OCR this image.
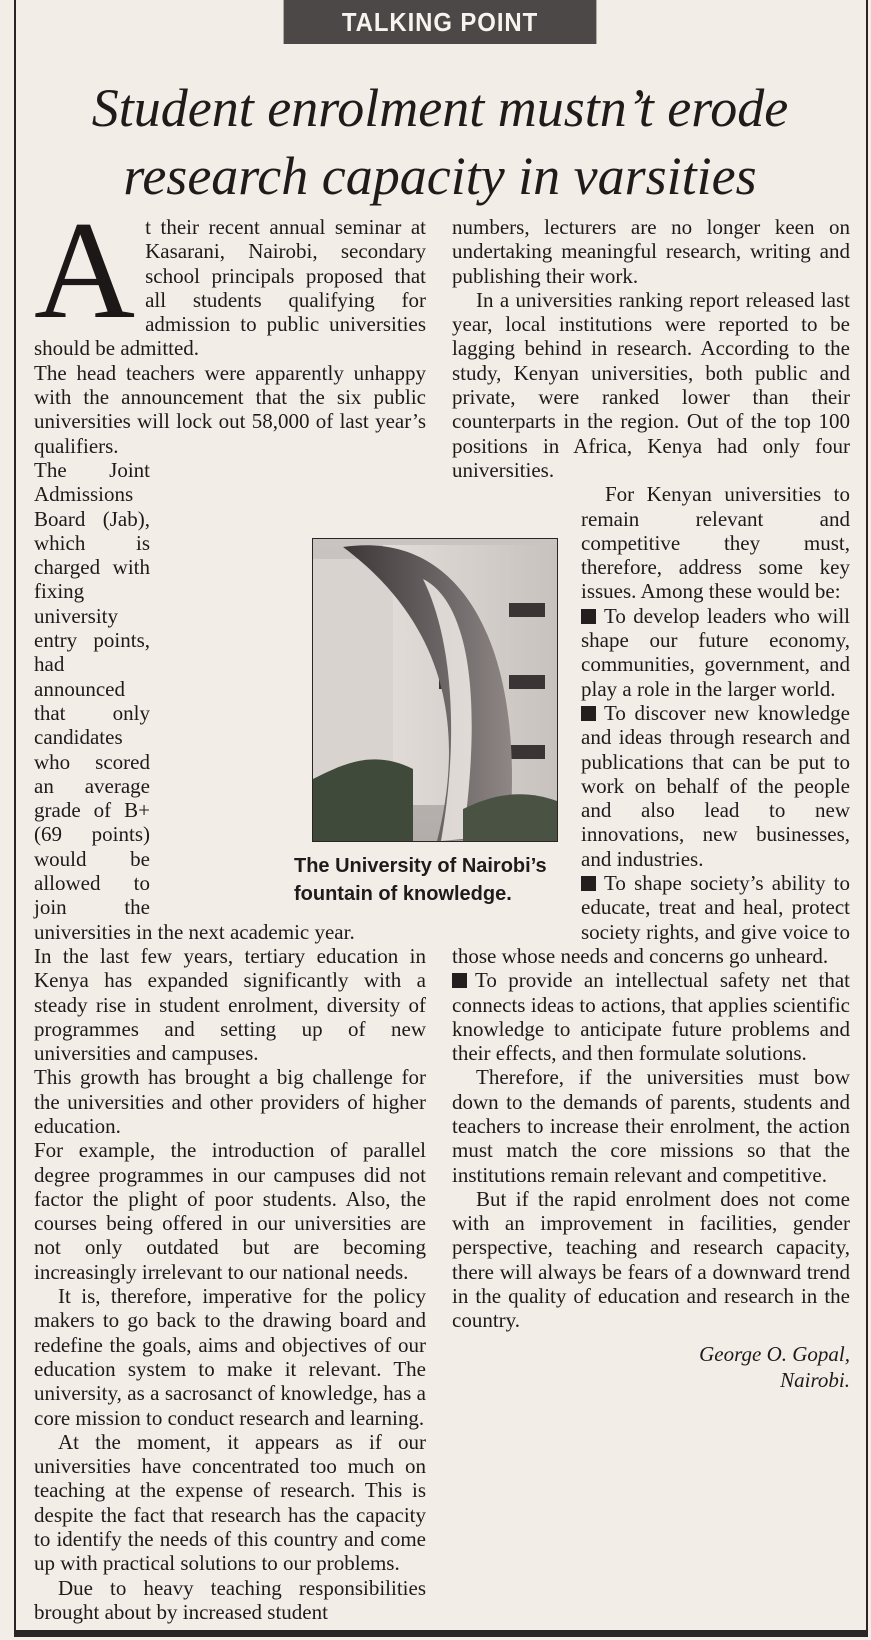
TALKING POINT
Student enrolment mustn’t erode
research capacity in varsities
A t their recent annual seminar at Kasarani, Nairobi, secondary school principals proposed that all students qualifying for admission to public universities should be admitted.

The head teachers were apparently unhappy with the announcement that the six public universities will lock out 58,000 of last year’s qualifiers.

The Joint Admissions Board (Jab), which is charged with fixing university entry points, had announced that only candidates who scored an average grade of B+ (69 points) would be allowed to join the universities in the next academic year.

In the last few years, tertiary education in Kenya has expanded significantly with a steady rise in student enrolment, diversity of programmes and setting up of new universities and campuses.

This growth has brought a big challenge for the universities and other providers of higher education.

For example, the introduction of parallel degree programmes in our campuses did not factor the plight of poor students. Also, the courses being offered in our universities are not only outdated but are becoming increasingly irrelevant to our national needs.

It is, therefore, imperative for the policy makers to go back to the drawing board and redefine the goals, aims and objectives of our education system to make it relevant. The university, as a sacrosanct of knowledge, has a core mission to conduct research and learning.

At the moment, it appears as if our universities have concentrated too much on teaching at the expense of research. This is despite the fact that research has the capacity to identify the needs of this country and come up with practical solutions to our problems.

Due to heavy teaching responsibilities brought about by increased student

numbers, lecturers are no longer keen on undertaking meaningful research, writing and publishing their work.

In a universities ranking report released last year, local institutions were reported to be lagging behind in research. According to the study, Kenyan universities, both public and private, were ranked lower than their counterparts in the region. Out of the top 100 positions in Africa, Kenya had only four universities.

For Kenyan universities to remain relevant and competitive they must, therefore, address some key issues. Among these would be:

To develop leaders who will shape our future economy, communities, government, and play a role in the larger world.

To discover new knowledge and ideas through research and publications that can be put to work on behalf of the people and also lead to new innovations, new businesses, and industries.

To shape society’s ability to educate, treat and heal, protect society rights, and give voice to those whose needs and concerns go unheard.

To provide an intellectual safety net that connects ideas to actions, that applies scientific knowledge to anticipate future problems and their effects, and then formulate solutions.

Therefore, if the universities must bow down to the demands of parents, students and teachers to increase their enrolment, the action must match the core missions so that the institutions remain relevant and competitive.

But if the rapid enrolment does not come with an improvement in facilities, gender perspective, teaching and research capacity, there will always be fears of a downward trend in the quality of education and research in the country.

George O. Gopal,
Nairobi.

The University of Nairobi’s fountain of knowledge.
